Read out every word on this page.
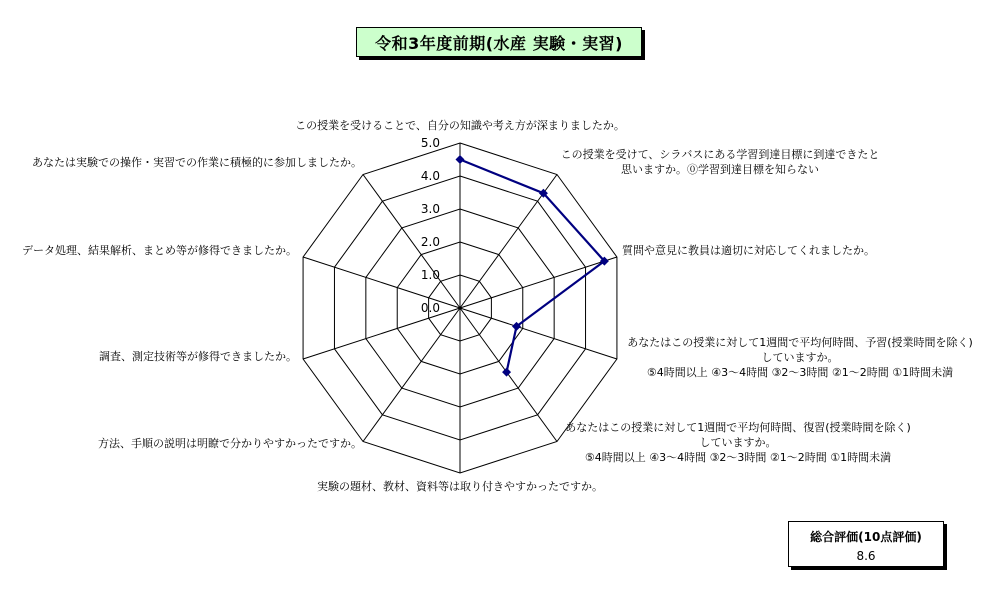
令和3年度前期(水産 実験・実習)
0.0
1.0
2.0
3.0
4.0
5.0
この授業を受けることで、自分の知識や考え方が深まりましたか。
この授業を受けて、シラバスにある学習到達目標に到達できたと
思いますか。⓪学習到達目標を知らない
質問や意見に教員は適切に対応してくれましたか。
あなたはこの授業に対して1週間で平均何時間、予習(授業時間を除く)
していますか。
⑤4時間以上 ④3～4時間 ③2～3時間 ②1～2時間 ①1時間未満
あなたはこの授業に対して1週間で平均何時間、復習(授業時間を除く)
していますか。
⑤4時間以上 ④3～4時間 ③2～3時間 ②1～2時間 ①1時間未満
実験の題材、教材、資料等は取り付きやすかったですか。
方法、手順の説明は明瞭で分かりやすかったですか。
調査、測定技術等が修得できましたか。
データ処理、結果解析、まとめ等が修得できましたか。
あなたは実験での操作・実習での作業に積極的に参加しましたか。
総合評価(10点評価)
8.6
